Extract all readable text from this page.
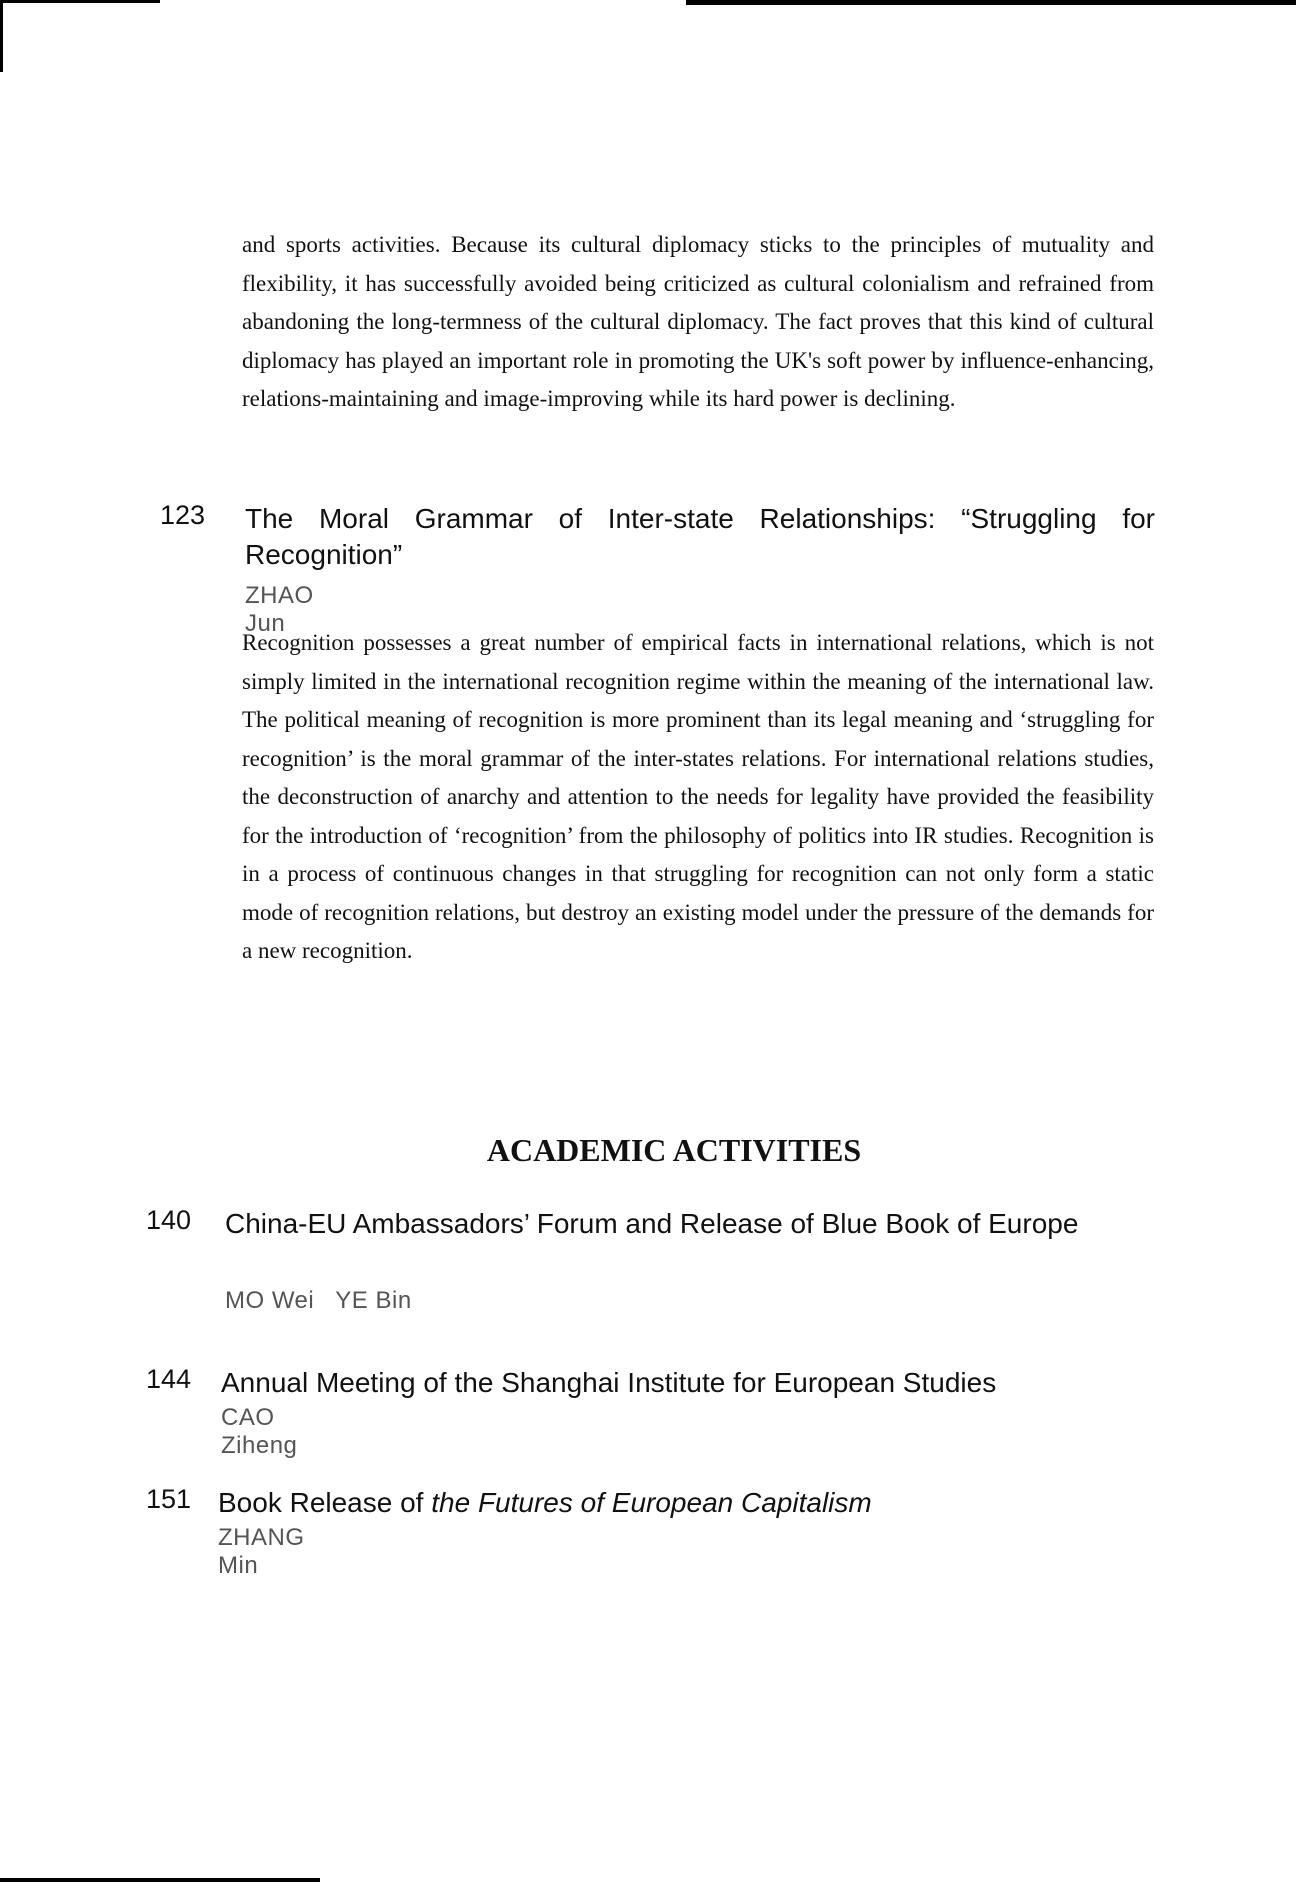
and sports activities. Because its cultural diplomacy sticks to the principles of mutuality and flexibility, it has successfully avoided being criticized as cultural colonialism and refrained from abandoning the long-termness of the cultural diplomacy. The fact proves that this kind of cultural diplomacy has played an important role in promoting the UK's soft power by influence-enhancing, relations-maintaining and image-improving while its hard power is declining.

123 The Moral Grammar of Inter-state Relationships: “Struggling for Recognition”

ZHAO Jun

Recognition possesses a great number of empirical facts in international relations, which is not simply limited in the international recognition regime within the meaning of the international law. The political meaning of recognition is more prominent than its legal meaning and ‘struggling for recognition’ is the moral grammar of the inter-states relations. For international relations studies, the deconstruction of anarchy and attention to the needs for legality have provided the feasibility for the introduction of ‘recognition’ from the philosophy of politics into IR studies. Recognition is in a process of continuous changes in that struggling for recognition can not only form a static mode of recognition relations, but destroy an existing model under the pressure of the demands for a new recognition.

ACADEMIC ACTIVITIES
140 China-EU Ambassadors’ Forum and Release of Blue Book of Europe

MO Wei   YE Bin
144 Annual Meeting of the Shanghai Institute for European Studies

CAO Ziheng
151 Book Release of the Futures of European Capitalism

ZHANG Min
